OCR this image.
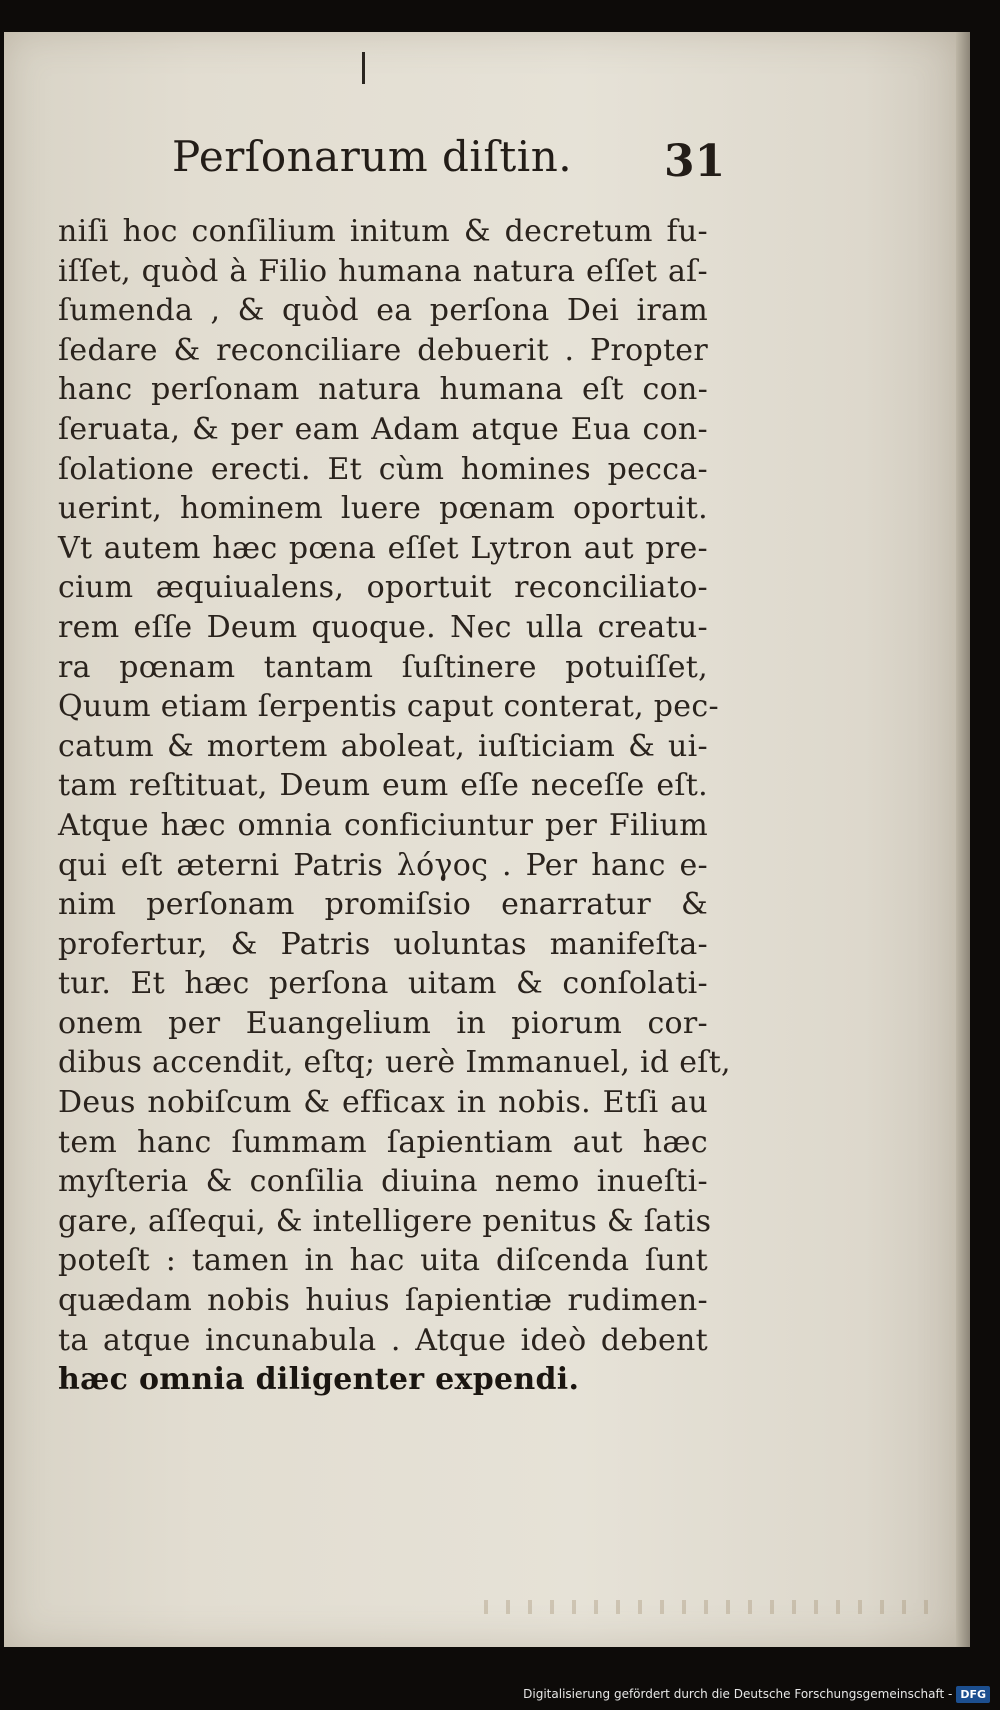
Perſonarum diſtin. 31
niſi hoc conſilium initum & decretum fu-
iſſet, quòd à Filio humana natura eſſet aſ-
ſumenda , & quòd ea perſona Dei iram
ſedare & reconciliare debuerit . Propter
hanc perſonam natura humana eſt con-
ſeruata, & per eam Adam atque Eua con-
ſolatione erecti. Et cùm homines pecca-
uerint, hominem luere pœnam oportuit.
Vt autem hæc pœna eſſet Lytron aut pre-
cium æquiualens, oportuit reconciliato-
rem eſſe Deum quoque. Nec ulla creatu-
ra pœnam tantam ſuſtinere potuiſſet,
Quum etiam ſerpentis caput conterat, pec-
catum & mortem aboleat, iuſticiam & ui-
tam reſtituat, Deum eum eſſe neceſſe eſt.
Atque hæc omnia conficiuntur per Filium
qui eſt æterni Patris λόγος . Per hanc e-
nim perſonam promiſsio enarratur &
profertur, & Patris uoluntas manifeſta-
tur. Et hæc perſona uitam & conſolati-
onem per Euangelium in piorum cor-
dibus accendit, eſtq; uerè Immanuel, id eſt,
Deus nobiſcum & efficax in nobis. Etſi au
tem hanc ſummam ſapientiam aut hæc
myſteria & conſilia diuina nemo inueſti-
gare, aſſequi, & intelligere penitus & ſatis
poteſt : tamen in hac uita diſcenda ſunt
quædam nobis huius ſapientiæ rudimen-
ta atque incunabula . Atque ideò debent
hæc omnia diligenter expendi.
Digitalisierung gefördert durch die Deutsche Forschungsgemeinschaft - DFG
